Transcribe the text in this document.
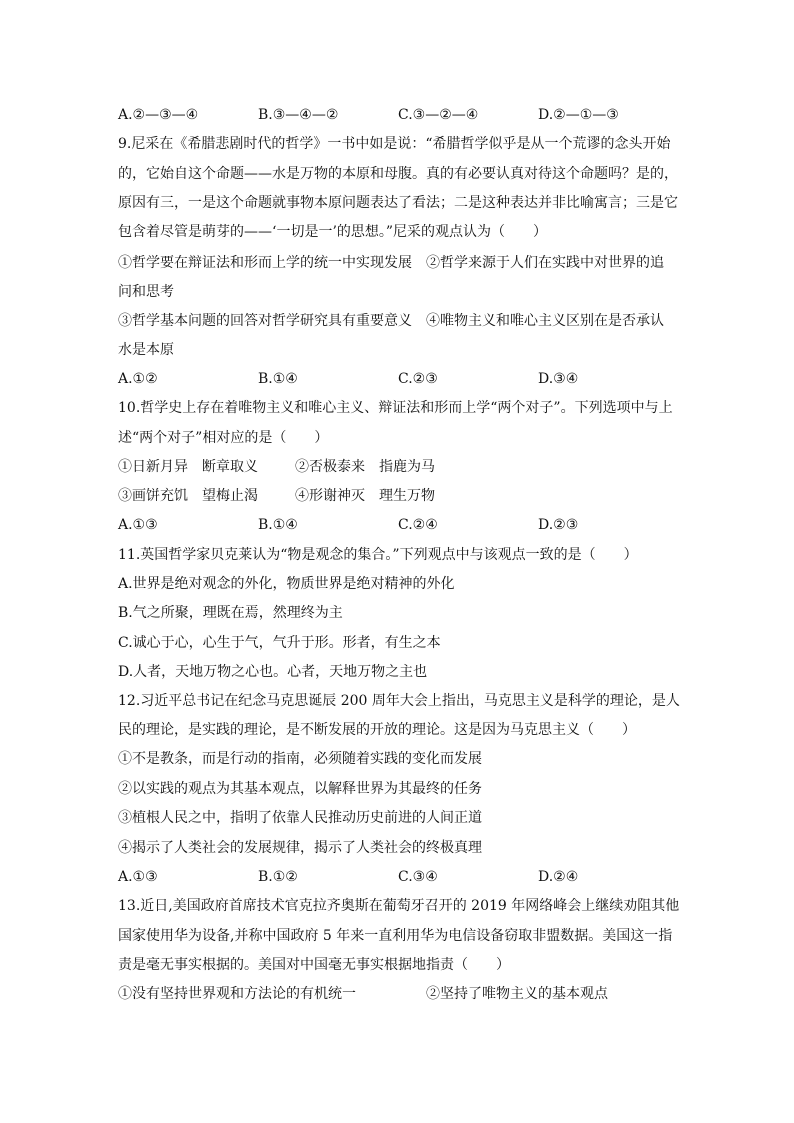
A.②—③—④	B.③—④—②	C.③—②—④	D.②—①—③
9.尼采在《希腊悲剧时代的哲学》一书中如是说：“希腊哲学似乎是从一个荒谬的念头开始
的，它始自这个命题——水是万物的本原和母腹。真的有必要认真对待这个命题吗？是的，
原因有三，一是这个命题就事物本原问题表达了看法；二是这种表达并非比喻寓言；三是它
包含着尽管是萌芽的——‘一切是一’的思想。”尼采的观点认为（　　）
①哲学要在辩证法和形而上学的统一中实现发展　②哲学来源于人们在实践中对世界的追
问和思考
③哲学基本问题的回答对哲学研究具有重要意义　④唯物主义和唯心主义区别在是否承认
水是本原
A.①②	B.①④	C.②③	D.③④
10.哲学史上存在着唯物主义和唯心主义、辩证法和形而上学“两个对子”。下列选项中与上
述“两个对子”相对应的是（　　）
①日新月异　断章取义	②否极泰来　指鹿为马
③画饼充饥　望梅止渴	④形谢神灭　理生万物
A.①③	B.①④	C.②④	D.②③
11.英国哲学家贝克莱认为“物是观念的集合。”下列观点中与该观点一致的是（　　）
A.世界是绝对观念的外化，物质世界是绝对精神的外化
B.气之所聚，理既在焉，然理终为主
C.诚心于心，心生于气，气升于形。形者，有生之本
D.人者，天地万物之心也。心者，天地万物之主也
12.习近平总书记在纪念马克思诞辰 200 周年大会上指出，马克思主义是科学的理论，是人
民的理论，是实践的理论，是不断发展的开放的理论。这是因为马克思主义（　　）
①不是教条，而是行动的指南，必须随着实践的变化而发展
②以实践的观点为其基本观点，以解释世界为其最终的任务
③植根人民之中，指明了依靠人民推动历史前进的人间正道
④揭示了人类社会的发展规律，揭示了人类社会的终极真理
A.①③	B.①②	C.③④	D.②④
13.近日,美国政府首席技术官克拉齐奥斯在葡萄牙召开的 2019 年网络峰会上继续劝阻其他
国家使用华为设备,并称中国政府 5 年来一直利用华为电信设备窃取非盟数据。美国这一指
责是毫无事实根据的。美国对中国毫无事实根据地指责（　　）
①没有坚持世界观和方法论的有机统一	②坚持了唯物主义的基本观点
